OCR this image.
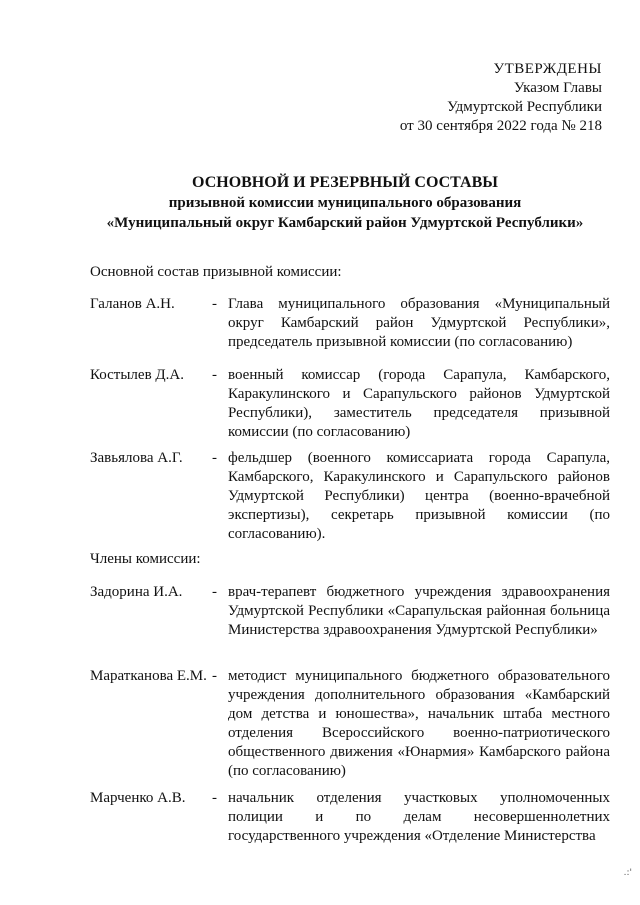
УТВЕРЖДЕНЫ
Указом Главы
Удмуртской Республики
от 30 сентября 2022 года № 218
ОСНОВНОЙ И РЕЗЕРВНЫЙ СОСТАВЫ
призывной комиссии муниципального образования
«Муниципальный округ Камбарский район Удмуртской Республики»
Основной состав призывной комиссии:
Галанов А.Н.	- Глава муниципального образования «Муниципальный округ Камбарский район Удмуртской Республики», председатель призывной комиссии (по согласованию)
Костылев Д.А.	- военный комиссар (города Сарапула, Камбарского, Каракулинского и Сарапульского районов Удмуртской Республики), заместитель председателя призывной комиссии (по согласованию)
Завьялова А.Г.	- фельдшер (военного комиссариата города Сарапула, Камбарского, Каракулинского и Сарапульского районов Удмуртской Республики) центра (военно-врачебной экспертизы), секретарь призывной комиссии (по согласованию).
Члены комиссии:
Задорина И.А.	- врач-терапевт бюджетного учреждения здравоохранения Удмуртской Республики «Сарапульская районная больница Министерства здравоохранения Удмуртской Республики»
Маратканова Е.М. - методист муниципального бюджетного образовательного учреждения дополнительного образования «Камбарский дом детства и юношества», начальник штаба местного отделения Всероссийского военно-патриотического общественного движения «Юнармия» Камбарского района (по согласованию)
Марченко А.В.	- начальник отделения участковых уполномоченных полиции и по делам несовершеннолетних государственного учреждения «Отделение Министерства
.:'
